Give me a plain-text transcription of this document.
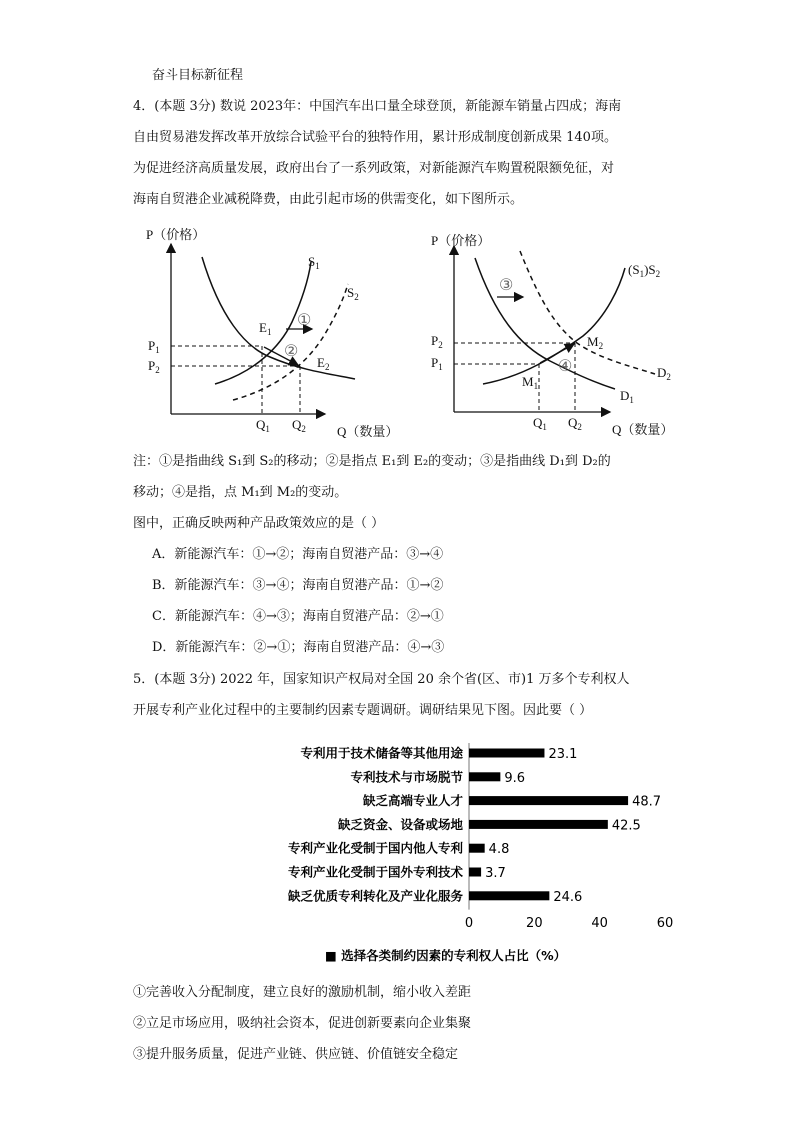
奋斗目标新征程
4．(本题 3分) 数说 2023年：中国汽车出口量全球登顶，新能源车销量占四成；海南
自由贸易港发挥改革开放综合试验平台的独特作用，累计形成制度创新成果 140项。
为促进经济高质量发展，政府出台了一系列政策，对新能源汽车购置税限额免征，对
海南自贸港企业减税降费，由此引起市场的供需变化，如下图所示。
P（价格）
Q（数量）
$S_1$
$S_2$
$E_1$
$E_2$
$P_1$
$P_2$
$Q_1$ $Q_2$
①
②
P（价格）
Q（数量）
$(S_1)S_2$
$M_1$
$M_2$
$D_1$
$D_2$
$P_2$
$P_1$
$Q_1$ $Q_2$
③
④
注：①是指曲线 S₁到 S₂的移动；②是指点 E₁到 E₂的变动；③是指曲线 D₁到 D₂的
移动；④是指，点 M₁到 M₂的变动。
图中，正确反映两种产品政策效应的是（ ）
A．新能源汽车：①→②；海南自贸港产品：③→④
B．新能源汽车：③→④；海南自贸港产品：①→②
C．新能源汽车：④→③；海南自贸港产品：②→①
D．新能源汽车：②→①；海南自贸港产品：④→③
5．(本题 3分) 2022 年，国家知识产权局对全国 20 余个省(区、市)1 万多个专利权人
开展专利产业化过程中的主要制约因素专题调研。调研结果见下图。因此要（ ）
专利用于技术储备等其他用途	23.1
专利技术与市场脱节	9.6
缺乏高端专业人才	48.7
缺乏资金、设备或场地	42.5
专利产业化受制于国内他人专利 4.8
专利产业化受制于国外专利技术 3.7
缺乏优质专利转化及产业化服务	24.6
0	20	40	60
■ 选择各类制约因素的专利权人占比（%）
①完善收入分配制度，建立良好的激励机制，缩小收入差距
②立足市场应用，吸纳社会资本，促进创新要素向企业集聚
③提升服务质量，促进产业链、供应链、价值链安全稳定
